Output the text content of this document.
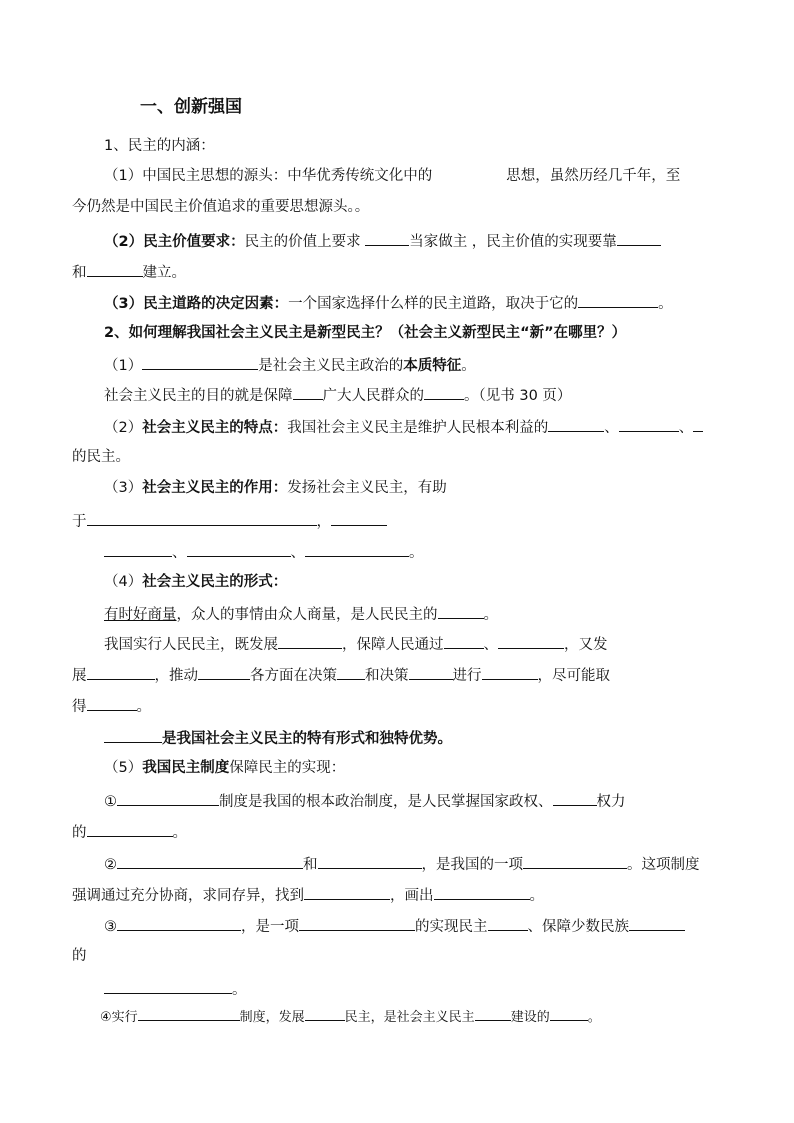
一、创新强国
1、民主的内涵：
（1）中国民主思想的源头：中华优秀传统文化中的	思想，虽然历经几千年，至
今仍然是中国民主价值追求的重要思想源头。。
（2）民主价值要求：民主的价值上要求	当家做主 ，民主价值的实现要靠
和	建立。
（3）民主道路的决定因素：一个国家选择什么样的民主道路，取决于它的	。
2、如何理解我国社会主义民主是新型民主？（社会主义新型民主“新”在哪里？）
（1）	是社会主义民主政治的本质特征。
社会主义民主的目的就是保障 广大人民群众的	。（见书 30 页）
（2）社会主义民主的特点：我国社会主义民主是维护人民根本利益的	、	、
的民主。
（3）社会主义民主的作用：发扬社会主义民主，有助
于	，
、	、	。
（4）社会主义民主的形式：
有时好商量，众人的事情由众人商量，是人民民主的	。
我国实行人民民主，既发展	，保障人民通过	、	，又发
展	，推动	各方面在决策 和决策	进行	，尽可能取
得	。
是我国社会主义民主的特有形式和独特优势。
（5）我国民主制度保障民主的实现：
①	制度是我国的根本政治制度，是人民掌握国家政权、	权力
的	。
②	和	，是我国的一项	。这项制度
强调通过充分协商，求同存异，找到	，画出	。
③	，是一项	的实现民主	、保障少数民族
的
。
④实行	制度，发展	民主，是社会主义民主	建设的	。
